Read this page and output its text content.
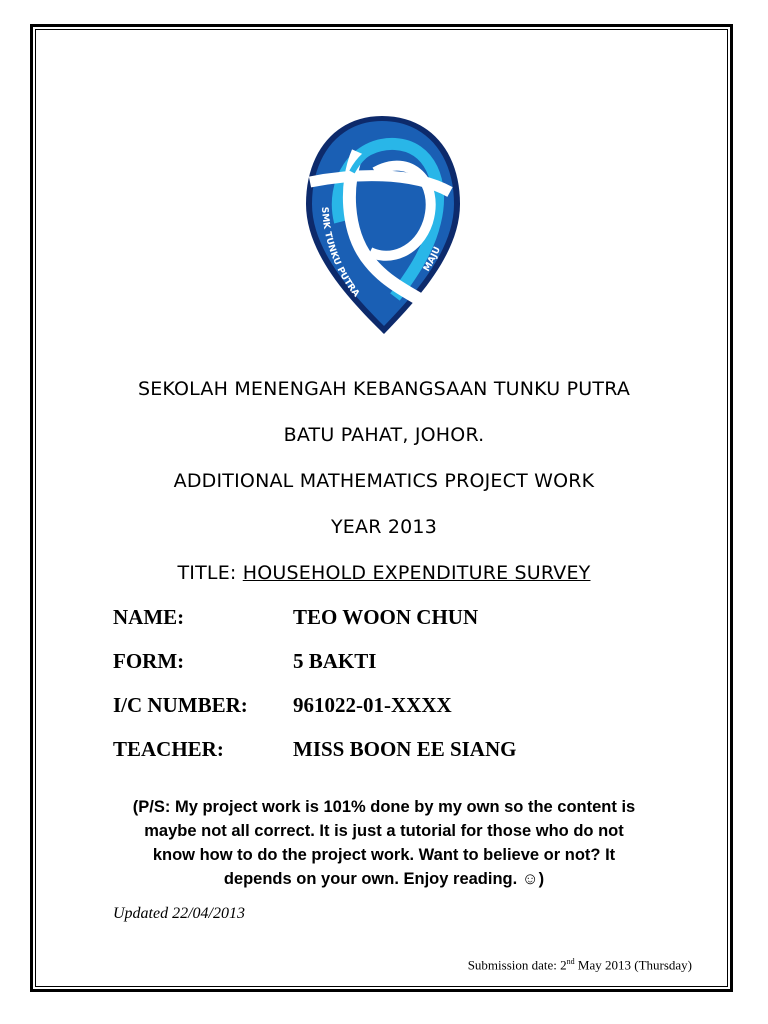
SMK TUNKU PUTRA
MAJU
SEKOLAH MENENGAH KEBANGSAAN TUNKU PUTRA
BATU PAHAT, JOHOR.
ADDITIONAL MATHEMATICS PROJECT WORK
YEAR 2013
TITLE: HOUSEHOLD EXPENDITURE SURVEY
NAME:	TEO WOON CHUN
FORM:	5 BAKTI
I/C NUMBER: 961022-01-XXXX
TEACHER:	MISS BOON EE SIANG
(P/S: My project work is 101% done by my own so the content is
maybe not all correct. It is just a tutorial for those who do not
know how to do the project work. Want to believe or not? It
depends on your own. Enjoy reading. ☺)
Updated 22/04/2013
Submission date: 2nd May 2013 (Thursday)
